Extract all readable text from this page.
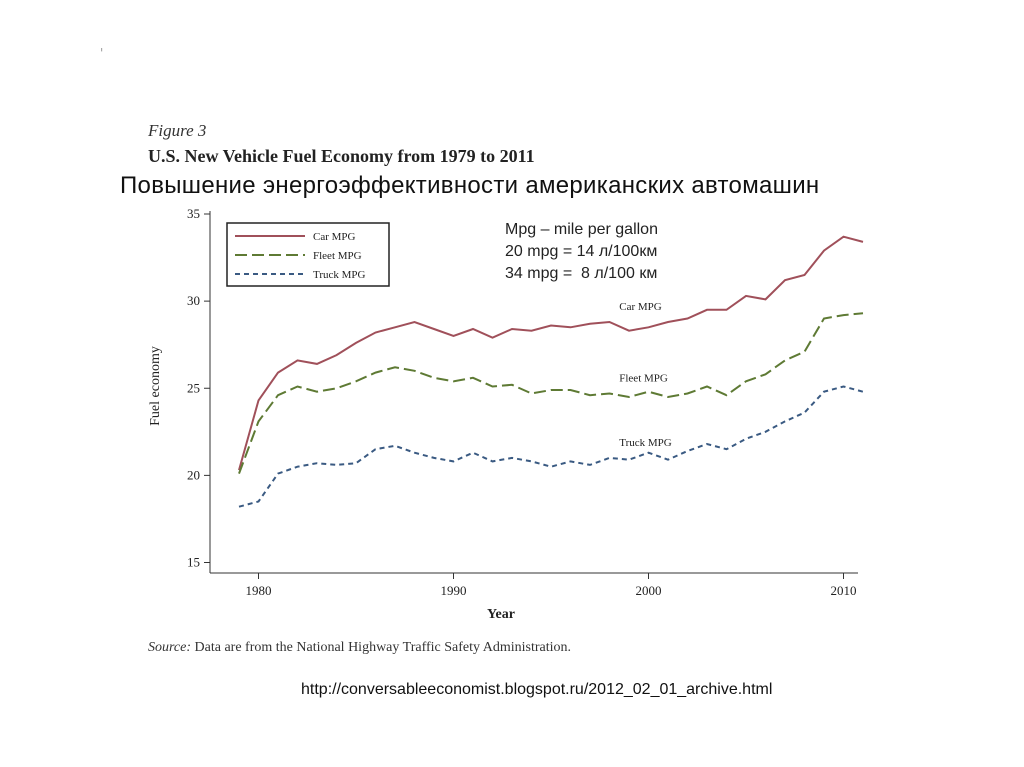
'
Figure 3
U.S. New Vehicle Fuel Economy from 1979 to 2011
Повышение энергоэффективности американских автомашин
15
20
25
30
35
1980	1990	2000	2010
Year
Fuel economy
Car MPG
Fleet MPG
Truck MPG
Car MPG
Fleet MPG
Truck MPG
Mpg – mile per gallon
20 mpg = 14 л/100км
34 mpg =  8 л/100 км
Source: Data are from the National Highway Traffic Safety Administration.
http://conversableeconomist.blogspot.ru/2012_02_01_archive.html
